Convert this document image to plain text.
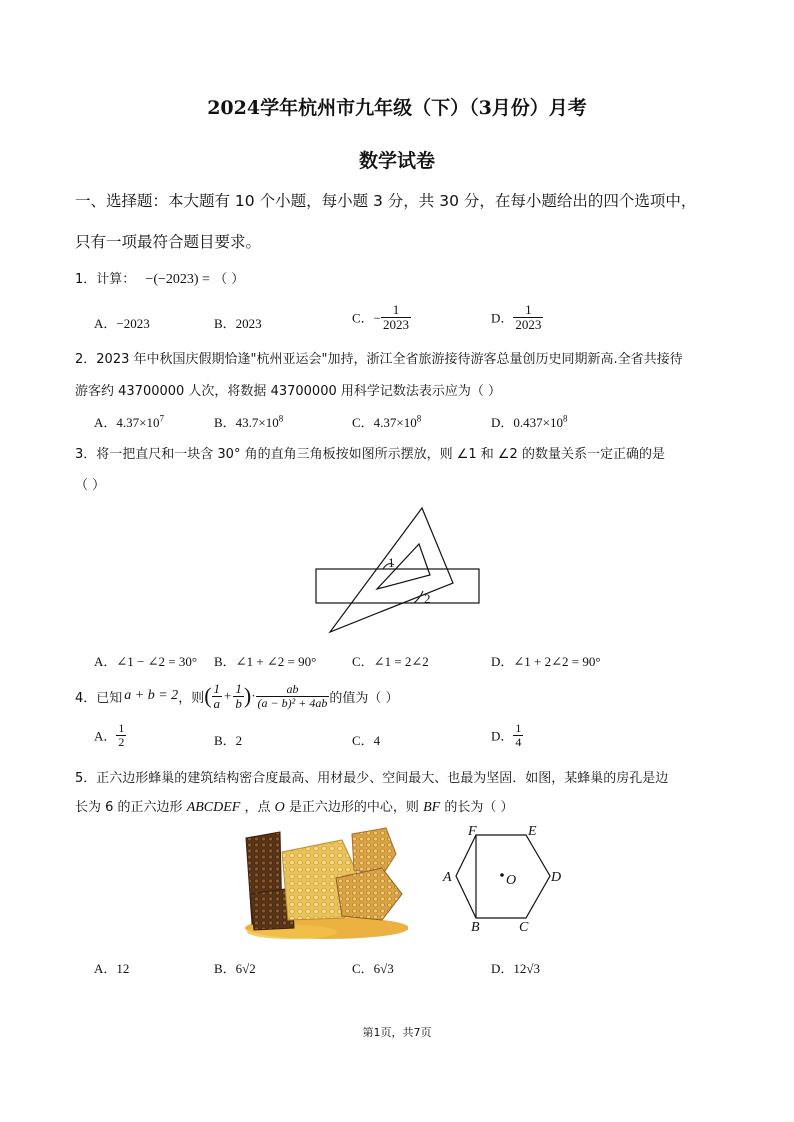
2024学年杭州市九年级（下）（3月份）月考
数学试卷
一、选择题：本大题有 10 个小题，每小题 3 分，共 30 分，在每小题给出的四个选项中，
只有一项最符合题目要求。
1．计算： −(−2023) = （ ）
A．−2023	B．2023	C．− $\frac{1}{2023}$	D． $\frac{1}{2023}$
2．2023 年中秋国庆假期恰逢"杭州亚运会"加持，浙江全省旅游接待游客总量创历史同期新高.全省共接待
游客约 43700000 人次，将数据 43700000 用科学记数法表示应为（ ）
A．$4.37\times 10^7$	B．$43.7\times 10^8$	C．$4.37\times 10^8$	D．$0.437\times 10^8$
3．将一把直尺和一块含 30° 角的直角三角板按如图所示摆放，则 ∠1 和 ∠2 的数量关系一定正确的是
（ ）
1
2
A．∠1 − ∠2 = 30° B．∠1 + ∠2 = 90°	C．∠1 = 2∠2	D．∠1 + 2∠2 = 90°
4．已知 a + b = 2 ，则 ( $\frac{1}{a} + \frac{1}{b}$ ) · $\frac{ab}{\text{(a − b)² + 4ab}}$ 的值为（ ）
A． $\frac{1}{2}$	B．2	C．4	D． $\frac{1}{4}$
5．正六边形蜂巢的建筑结构密合度最高、用材最少、空间最大、也最为坚固．如图，某蜂巢的房孔是边
长为 6 的正六边形 ABCDEF ，点 O 是正六边形的中心，则 BF 的长为（ ）
F	E
A	D
B	C
O
A．12	B．6√2	C．6√3	D．12√3
第1页，共7页
